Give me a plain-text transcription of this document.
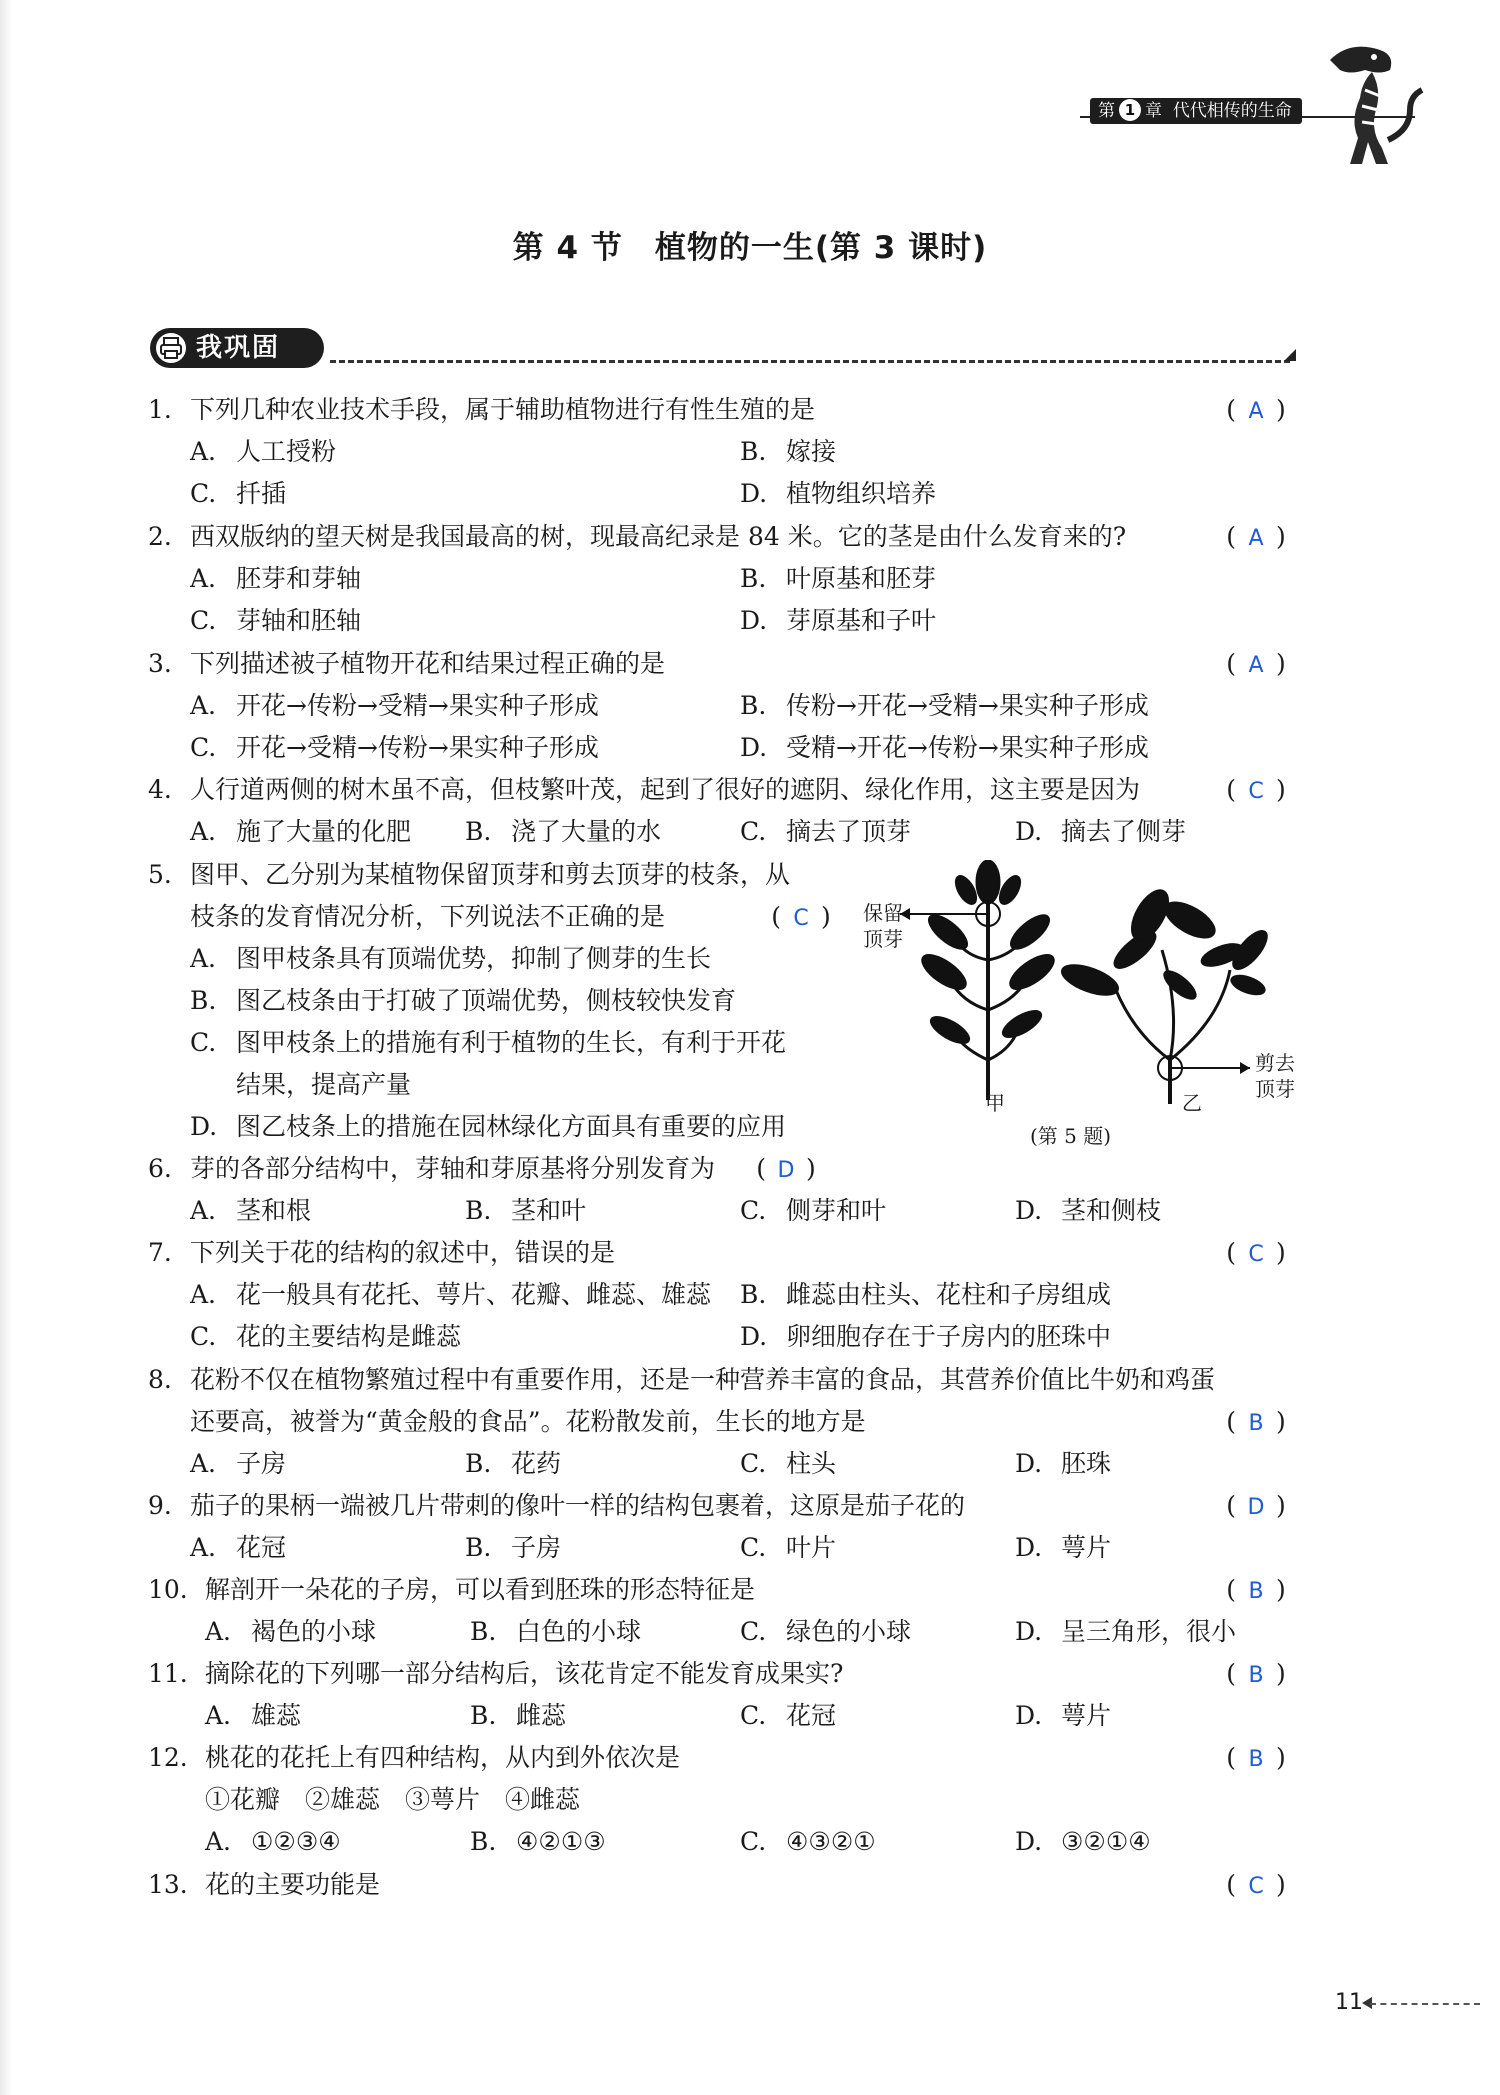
第 1 章 代代相传的生命
第 4 节　植物的一生(第 3 课时)
我巩固
1. 下列几种农业技术手段，属于辅助植物进行有性生殖的是	( A )
A. 人工授粉	B. 嫁接
C. 扦插	D. 植物组织培养
2. 西双版纳的望天树是我国最高的树，现最高纪录是 84 米。它的茎是由什么发育来的?	( A )
A. 胚芽和芽轴	B. 叶原基和胚芽
C. 芽轴和胚轴	D. 芽原基和子叶
3. 下列描述被子植物开花和结果过程正确的是	( A )
A. 开花→传粉→受精→果实种子形成	B. 传粉→开花→受精→果实种子形成
C. 开花→受精→传粉→果实种子形成	D. 受精→开花→传粉→果实种子形成
4. 人行道两侧的树木虽不高，但枝繁叶茂，起到了很好的遮阴、绿化作用，这主要是因为	( C )
A. 施了大量的化肥 B. 浇了大量的水	C. 摘去了顶芽	D. 摘去了侧芽
5. 图甲、乙分别为某植物保留顶芽和剪去顶芽的枝条，从
枝条的发育情况分析，下列说法不正确的是	( C )
A. 图甲枝条具有顶端优势，抑制了侧芽的生长
B. 图乙枝条由于打破了顶端优势，侧枝较快发育
C. 图甲枝条上的措施有利于植物的生长，有利于开花
结果，提高产量
D. 图乙枝条上的措施在园林绿化方面具有重要的应用
6. 芽的各部分结构中，芽轴和芽原基将分别发育为	( D )
A. 茎和根	B. 茎和叶	C. 侧芽和叶	D. 茎和侧枝
7. 下列关于花的结构的叙述中，错误的是	( C )
A. 花一般具有花托、萼片、花瓣、雌蕊、雄蕊 B. 雌蕊由柱头、花柱和子房组成
C. 花的主要结构是雌蕊	D. 卵细胞存在于子房内的胚珠中
8. 花粉不仅在植物繁殖过程中有重要作用，还是一种营养丰富的食品，其营养价值比牛奶和鸡蛋
还要高，被誉为“黄金般的食品”。花粉散发前，生长的地方是	( B )
A. 子房	B. 花药	C. 柱头	D. 胚珠
9. 茄子的果柄一端被几片带刺的像叶一样的结构包裹着，这原是茄子花的	( D )
A. 花冠	B. 子房	C. 叶片	D. 萼片
10. 解剖开一朵花的子房，可以看到胚珠的形态特征是	( B )
A. 褐色的小球	B. 白色的小球	C. 绿色的小球	D. 呈三角形，很小
11. 摘除花的下列哪一部分结构后，该花肯定不能发育成果实?	( B )
A. 雄蕊	B. 雌蕊	C. 花冠	D. 萼片
12. 桃花的花托上有四种结构，从内到外依次是
①花瓣　②雄蕊　③萼片　④雌蕊
( B )
A. ①②③④	B. ④②①③	C. ④③②①	D. ③②①④
13. 花的主要功能是	( C )
保留
顶芽
剪去
顶芽
甲	乙
(第 5 题)
11
